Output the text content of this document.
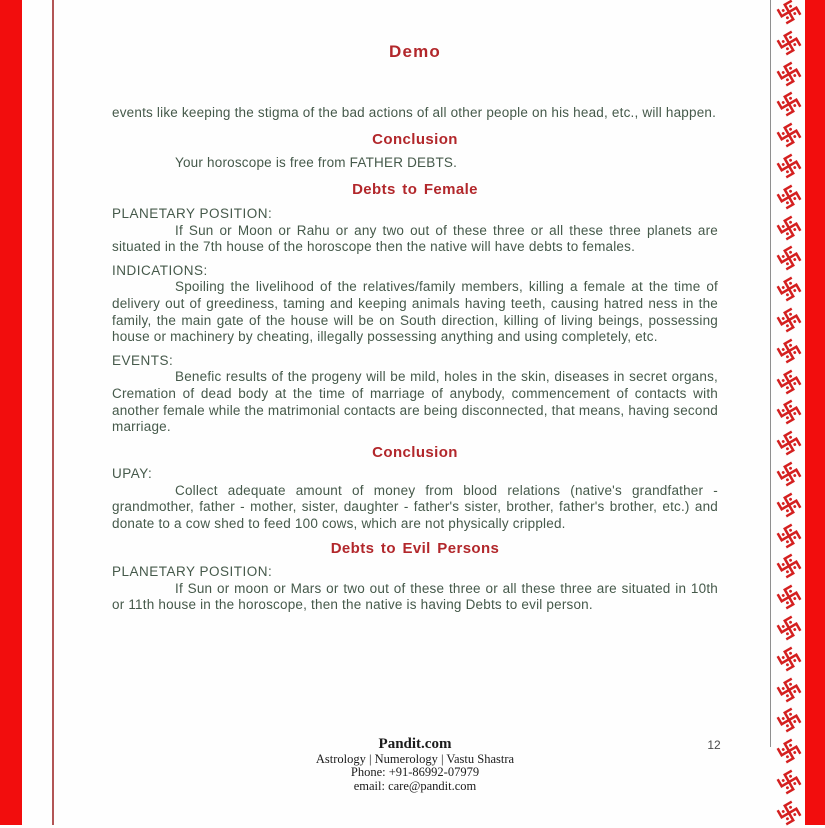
Demo

events like keeping the stigma of the bad actions of all other people on his head, etc., will happen.

Conclusion

Your horoscope is free from FATHER DEBTS.

Debts to Female
PLANETARY POSITION:

If Sun or Moon or Rahu or any two out of these three or all these three planets are situated in the 7th house of the horoscope then the native will have debts to females.

INDICATIONS:

Spoiling the livelihood of the relatives/family members, killing a female at the time of delivery out of greediness, taming and keeping animals having teeth, causing hatred ness in the family, the main gate of the house will be on South direction, killing of living beings, possessing house or machinery by cheating, illegally possessing anything and using completely, etc.

EVENTS:

Benefic results of the progeny will be mild, holes in the skin, diseases in secret organs, Cremation of dead body at the time of marriage of anybody, commencement of contacts with another female while the matrimonial contacts are being disconnected, that means, having second marriage.

Conclusion
UPAY:

Collect adequate amount of money from blood relations (native's grandfather - grandmother, father - mother, sister, daughter - father's sister, brother, father's brother, etc.) and donate to a cow shed to feed 100 cows, which are not physically crippled.

Debts to Evil Persons
PLANETARY POSITION:

If Sun or moon or Mars or two out of these three or all these three are situated in 10th or 11th house in the horoscope, then the native is having Debts to evil person.

Pandit.com
Astrology | Numerology | Vastu Shastra
Phone: +91-86992-07979
email: care@pandit.com
12
